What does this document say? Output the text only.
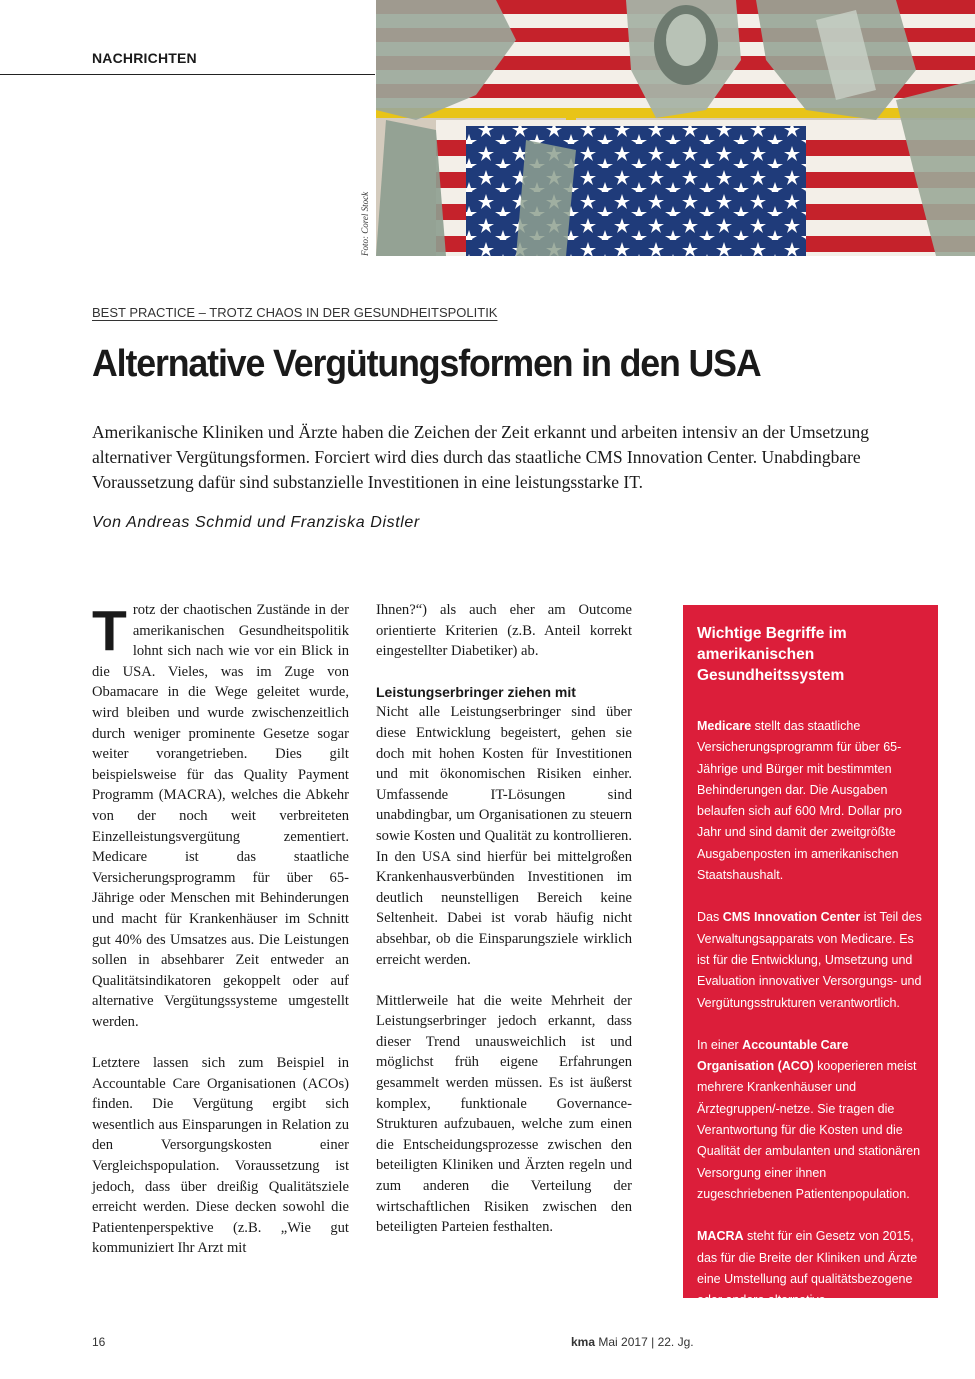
NACHRICHTEN
Foto: Corel Stock
BEST PRACTICE – TROTZ CHAOS IN DER GESUNDHEITSPOLITIK
Alternative Vergütungsformen in den USA

Amerikanische Kliniken und Ärzte haben die Zeichen der Zeit erkannt und arbeiten intensiv an der Umsetzung alternativer Vergütungsformen. Forciert wird dies durch das staatliche CMS Innovation Center. Unabdingbare Voraussetzung dafür sind substanzielle Investitionen in eine leistungsstarke IT.

Von Andreas Schmid und Franziska Distler

Trotz der chaotischen Zustände in der amerikanischen Gesundheitspolitik lohnt sich nach wie vor ein Blick in die USA. Vieles, was im Zuge von Obamacare in die Wege geleitet wurde, wird bleiben und wurde zwischenzeitlich durch weniger prominente Gesetze sogar weiter vorangetrieben. Dies gilt beispielsweise für das Quality Payment Programm (MACRA), welches die Abkehr von der noch weit verbreiteten Einzelleistungsvergütung zementiert. Medicare ist das staatliche Versicherungsprogramm für über 65-Jährige oder Menschen mit Behinderungen und macht für Krankenhäuser im Schnitt gut 40% des Umsatzes aus. Die Leistungen sollen in absehbarer Zeit entweder an Qualitätsindikatoren gekoppelt oder auf alternative Vergütungssysteme umgestellt werden.

Letztere lassen sich zum Beispiel in Accountable Care Organisationen (ACOs) finden. Die Vergütung ergibt sich wesentlich aus Einsparungen in Relation zu den Versorgungskosten einer Vergleichspopulation. Voraussetzung ist jedoch, dass über dreißig Qualitätsziele erreicht werden. Diese decken sowohl die Patientenperspektive (z.B. „Wie gut kommuniziert Ihr Arzt mit

Ihnen?“) als auch eher am Outcome orientierte Kriterien (z.B. Anteil korrekt eingestellter Diabetiker) ab.

Leistungserbringer ziehen mit

Nicht alle Leistungserbringer sind über diese Entwicklung begeistert, gehen sie doch mit hohen Kosten für Investitionen und mit ökonomischen Risiken einher. Umfassende IT-Lösungen sind unabdingbar, um Organisationen zu steuern sowie Kosten und Qualität zu kontrollieren. In den USA sind hierfür bei mittelgroßen Krankenhausverbünden Investitionen im deutlich neunstelligen Bereich keine Seltenheit. Dabei ist vorab häufig nicht absehbar, ob die Einsparungsziele wirklich erreicht werden.

Mittlerweile hat die weite Mehrheit der Leistungserbringer jedoch erkannt, dass dieser Trend unausweichlich ist und möglichst früh eigene Erfahrungen gesammelt werden müssen. Es ist äußerst komplex, funktionale Governance-Strukturen aufzubauen, welche zum einen die Entscheidungsprozesse zwischen den beteiligten Kliniken und Ärzten regeln und zum anderen die Verteilung der wirtschaftlichen Risiken zwischen den beteiligten Parteien festhalten.

Wichtige Begriffe im amerikanischen Gesundheitssystem

Medicare stellt das staatliche Versicherungsprogramm für über 65-Jährige und Bürger mit bestimmten Behinderungen dar. Die Ausgaben belaufen sich auf 600 Mrd. Dollar pro Jahr und sind damit der zweitgrößte Ausgabenposten im amerikanischen Staatshaushalt.

Das CMS Innovation Center ist Teil des Verwaltungsapparats von Medicare. Es ist für die Entwicklung, Umsetzung und Evaluation innovativer Versorgungs- und Vergütungsstrukturen verantwortlich.

In einer Accountable Care Organisation (ACO) kooperieren meist mehrere Krankenhäuser und Ärztegruppen/-netze. Sie tragen die Verantwortung für die Kosten und die Qualität der ambulanten und stationären Versorgung einer ihnen zugeschriebenen Patientenpopulation.

MACRA steht für ein Gesetz von 2015, das für die Breite der Kliniken und Ärzte eine Umstellung auf qualitätsbezogene oder andere alternative Vergütungssysteme bedeutet.

16	kma Mai 2017 | 22. Jg.
